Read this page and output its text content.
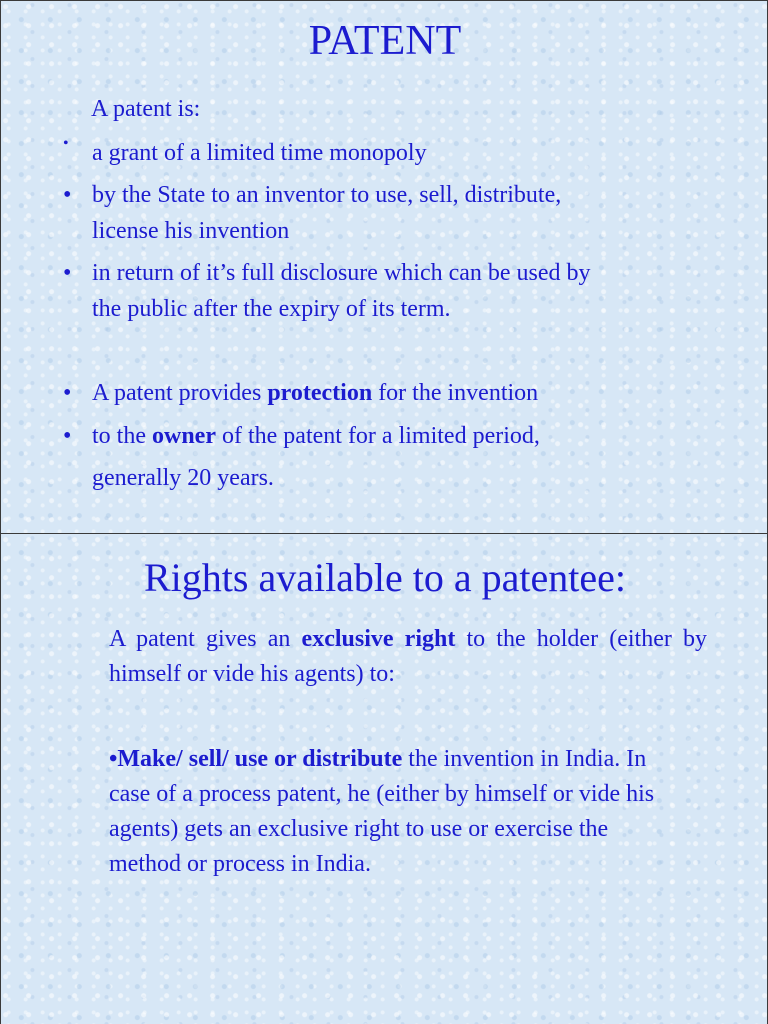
PATENT
A patent is:
• a grant of a limited time monopoly
• by the State to an inventor to use, sell, distribute,
license his invention
• in return of it’s full disclosure which can be used by
the public after the expiry of its term.
• A patent provides protection for the invention
• to the owner of the patent for a limited period,
generally 20 years.
Rights available to a patentee:
A patent gives an exclusive right to the holder (either by himself or vide his agents) to:
•Make/ sell/ use or distribute the invention in India. In case of a process patent, he (either by himself or vide his agents) gets an exclusive right to use or exercise the method or process in India.
